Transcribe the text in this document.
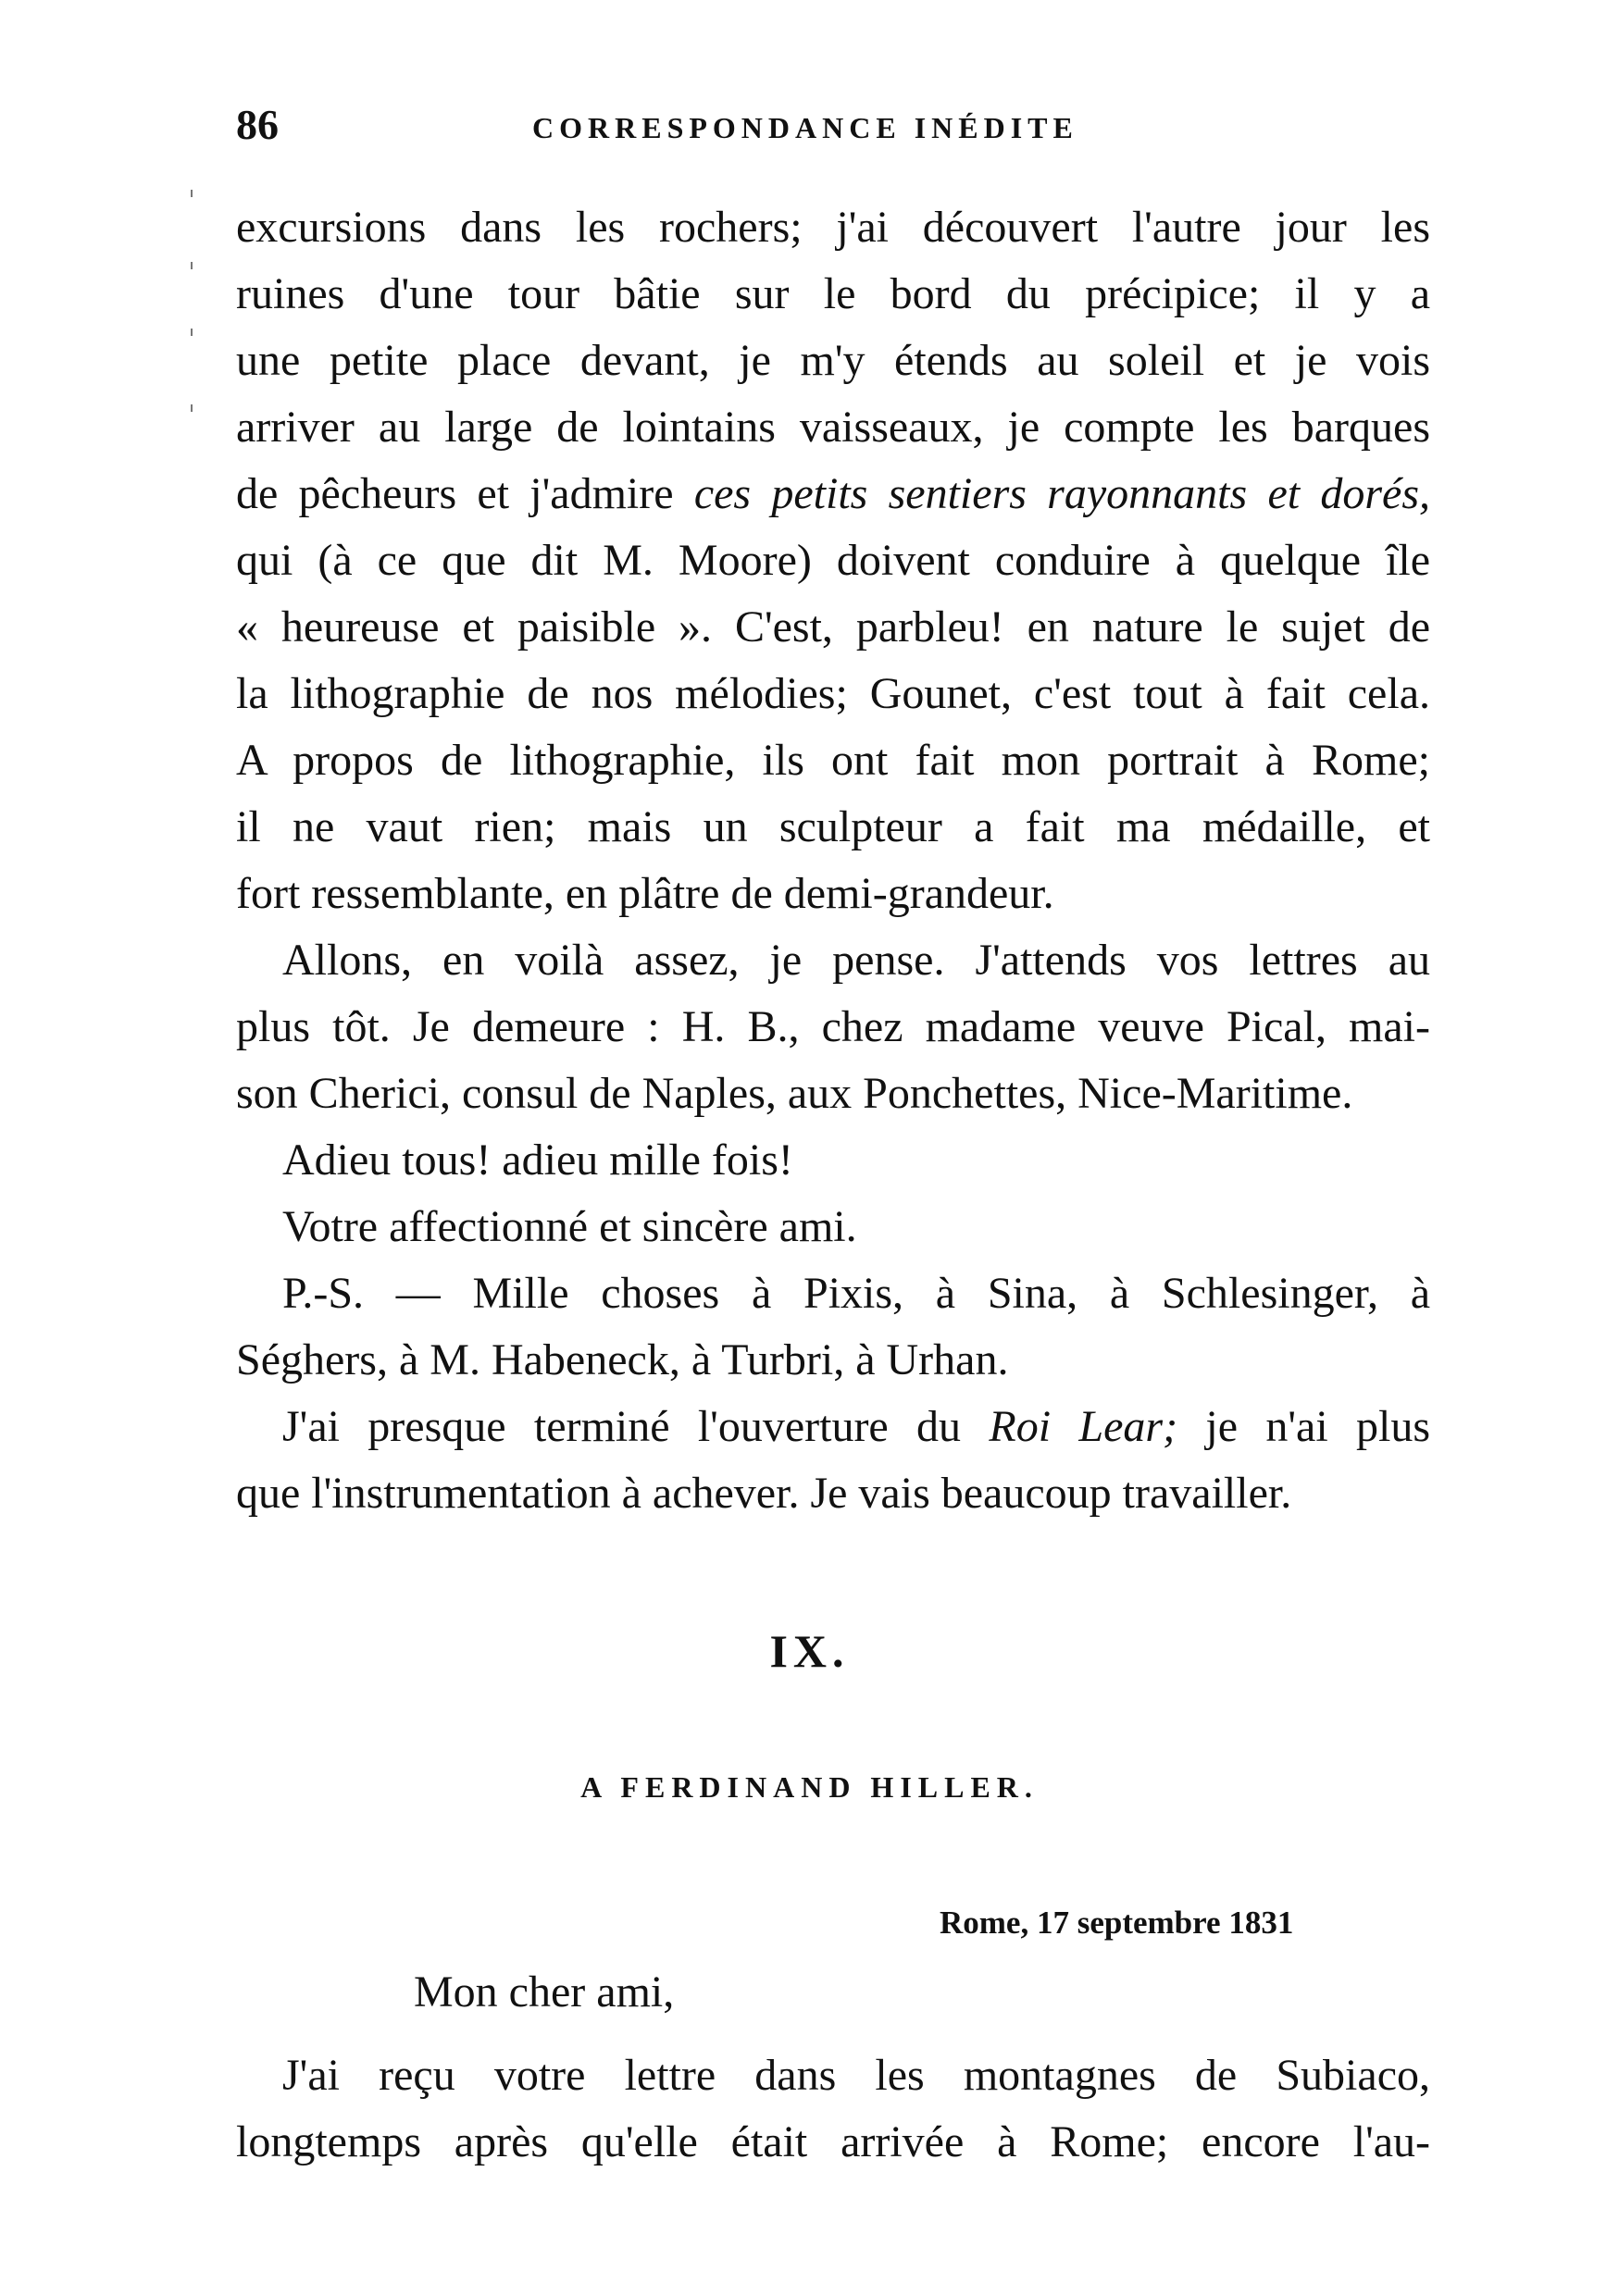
86	CORRESPONDANCE INÉDITE
excursions dans les rochers; j'ai découvert l'autre jour les
ruines d'une tour bâtie sur le bord du précipice; il y a
une petite place devant, je m'y étends au soleil et je vois
arriver au large de lointains vaisseaux, je compte les barques
de pêcheurs et j'admire ces petits sentiers rayonnants et dorés,
qui (à ce que dit M. Moore) doivent conduire à quelque île
« heureuse et paisible ». C'est, parbleu! en nature le sujet de
la lithographie de nos mélodies; Gounet, c'est tout à fait cela.
A propos de lithographie, ils ont fait mon portrait à Rome;
il ne vaut rien; mais un sculpteur a fait ma médaille, et
fort ressemblante, en plâtre de demi-grandeur.
Allons, en voilà assez, je pense. J'attends vos lettres au
plus tôt. Je demeure : H. B., chez madame veuve Pical, mai-
son Cherici, consul de Naples, aux Ponchettes, Nice-Maritime.
Adieu tous! adieu mille fois!
Votre affectionné et sincère ami.
P.-S. — Mille choses à Pixis, à Sina, à Schlesinger, à
Séghers, à M. Habeneck, à Turbri, à Urhan.
J'ai presque terminé l'ouverture du Roi Lear; je n'ai plus
que l'instrumentation à achever. Je vais beaucoup travailler.
IX.
A FERDINAND HILLER.
Rome, 17 septembre 1831
Mon cher ami,
J'ai reçu votre lettre dans les montagnes de Subiaco,
longtemps après qu'elle était arrivée à Rome; encore l'au-
